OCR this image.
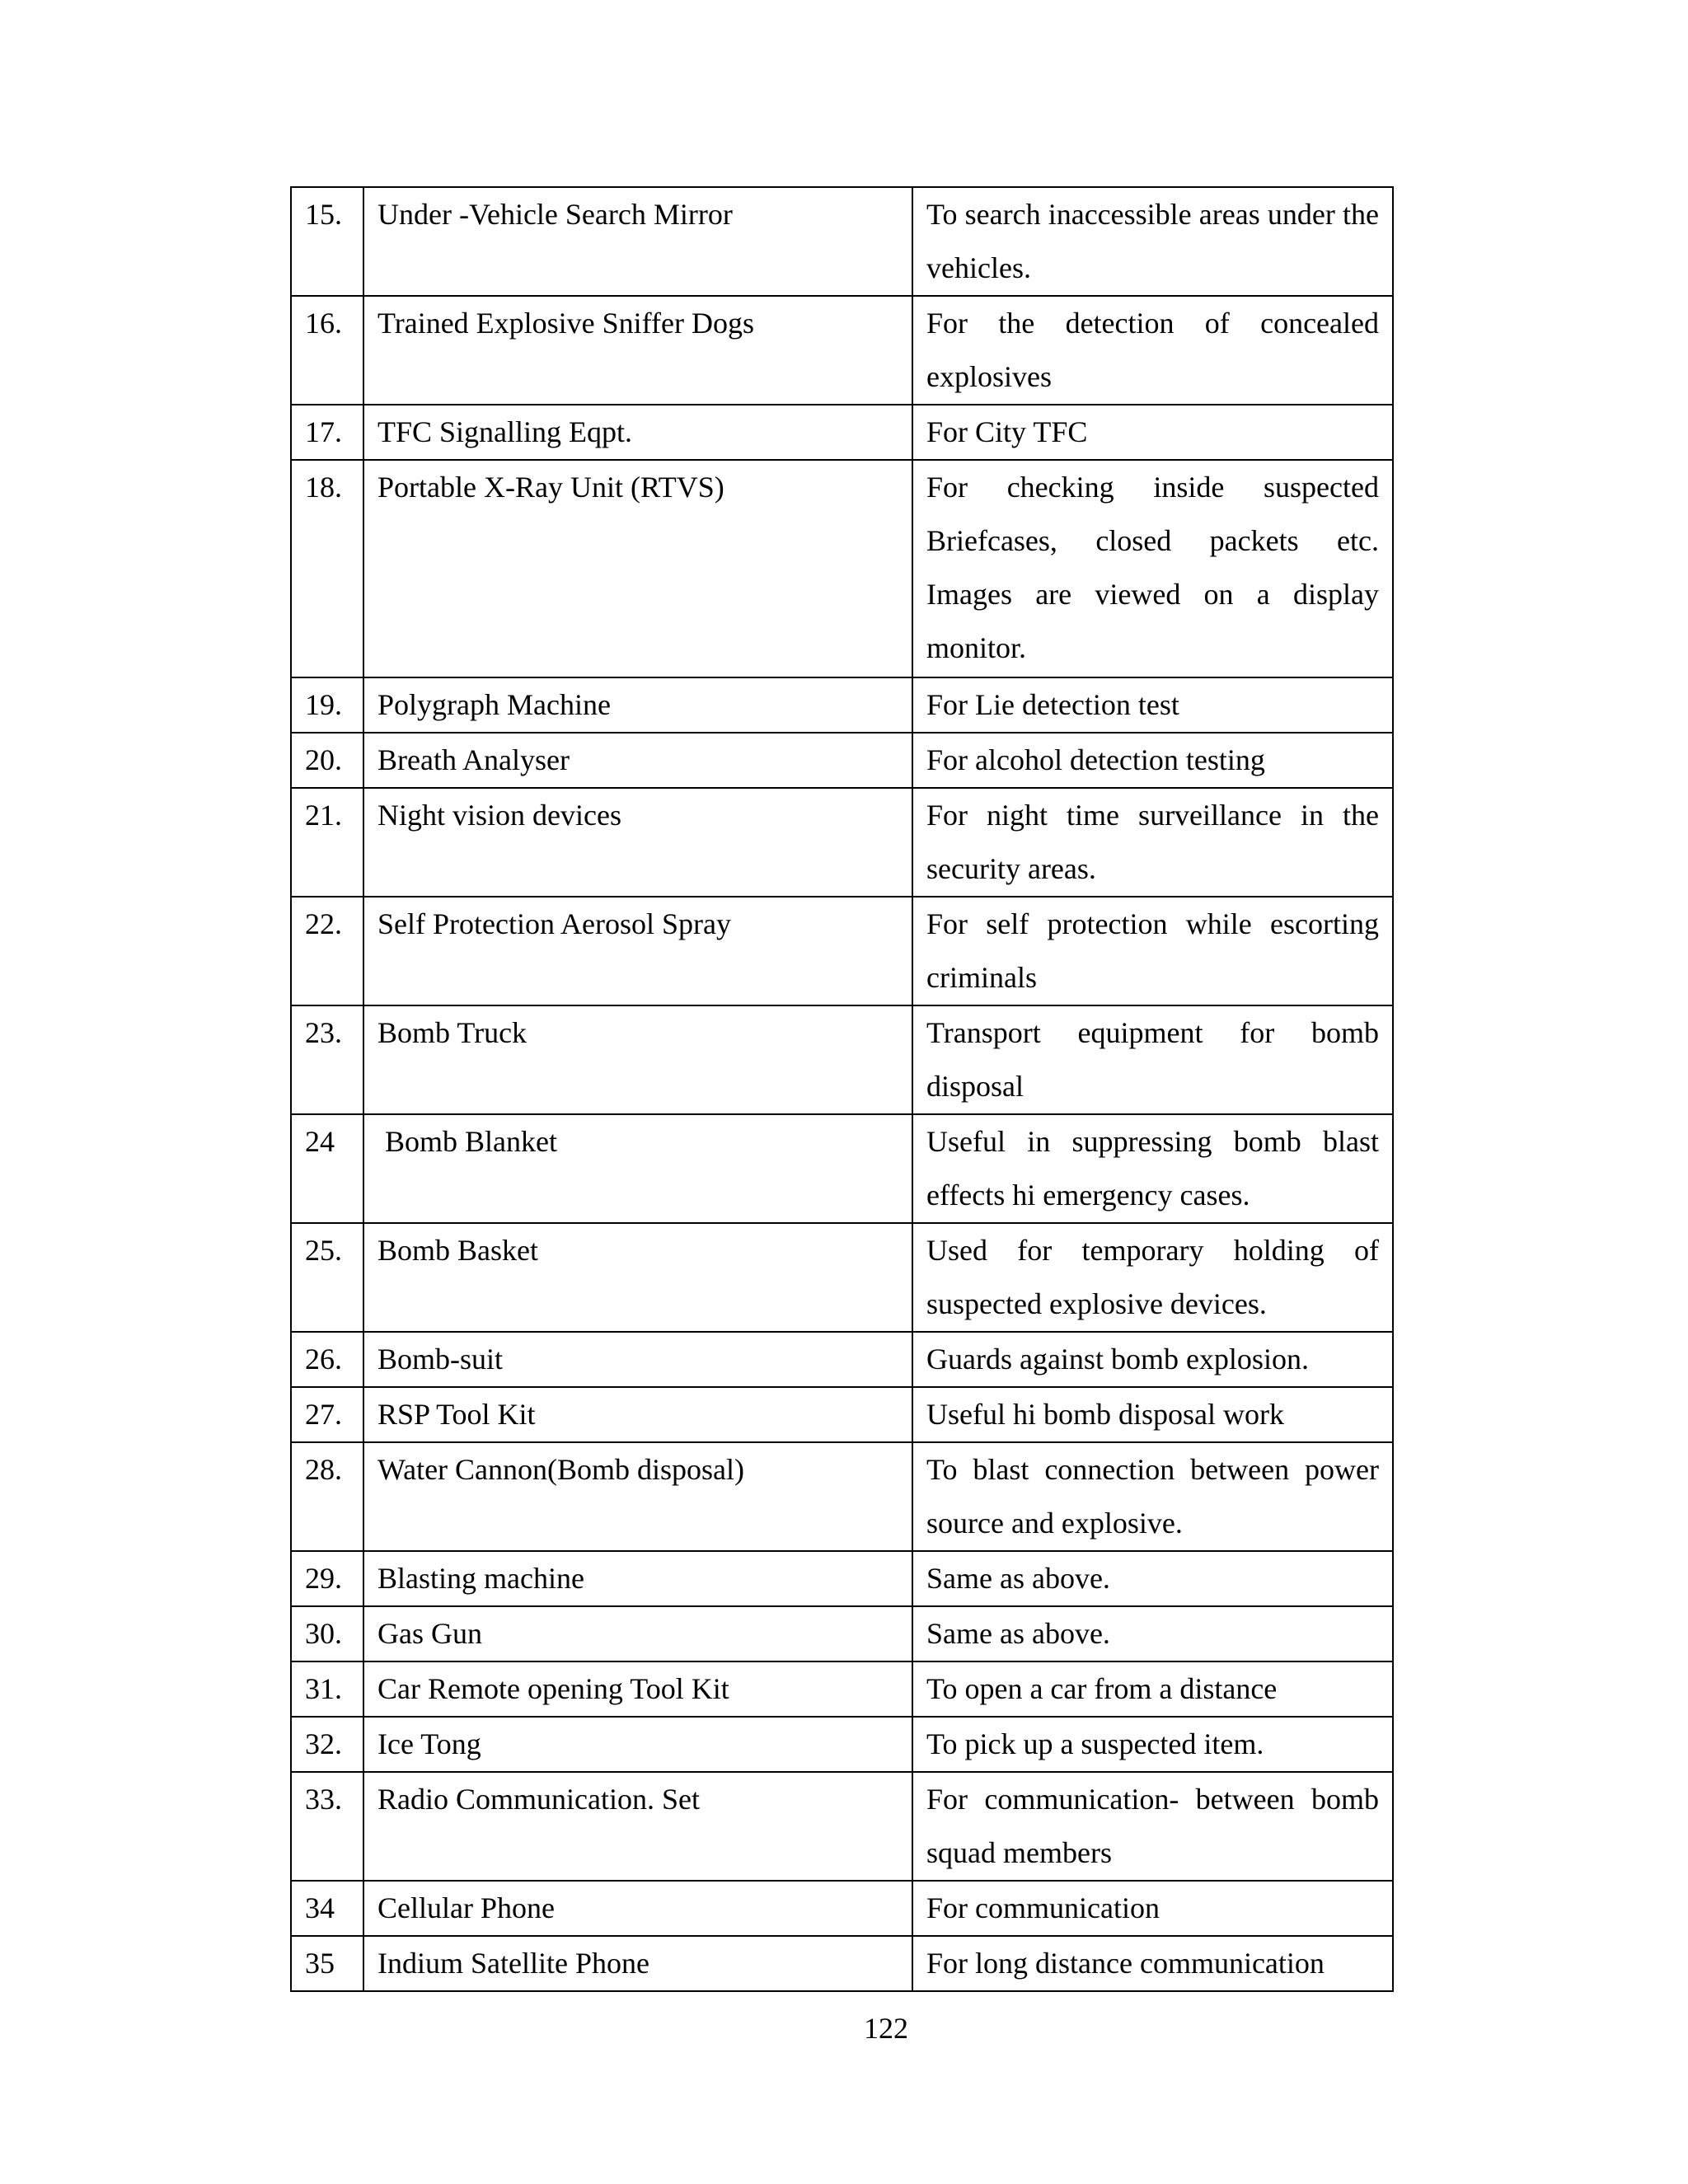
15.	Under -Vehicle Search Mirror	To search inaccessible areas under the vehicles.
16.	Trained Explosive Sniffer Dogs	For the detection of concealed explosives
17.	TFC Signalling Eqpt.	For City TFC
18.	Portable X-Ray Unit (RTVS)	For checking inside suspected Briefcases, closed packets etc. Images are viewed on a display monitor.
19.	Polygraph Machine	For Lie detection test
20.	Breath Analyser	For alcohol detection testing
21.	Night vision devices	For night time surveillance in the security areas.
22.	Self Protection Aerosol Spray	For self protection while escorting criminals
23.	Bomb Truck	Transport equipment for bomb disposal
24	Bomb Blanket	Useful in suppressing bomb blast effects hi emergency cases.
25.	Bomb Basket	Used for temporary holding of suspected explosive devices.
26.	Bomb-suit	Guards against bomb explosion.
27.	RSP Tool Kit	Useful hi bomb disposal work
28.	Water Cannon(Bomb disposal)	To blast connection between power source and explosive.
29.	Blasting machine	Same as above.
30.	Gas Gun	Same as above.
31.	Car Remote opening Tool Kit	To open a car from a distance
32.	Ice Tong	To pick up a suspected item.
33.	Radio Communication. Set	For communication- between bomb squad members
34	Cellular Phone	For communication
35	Indium Satellite Phone	For long distance communication
122
